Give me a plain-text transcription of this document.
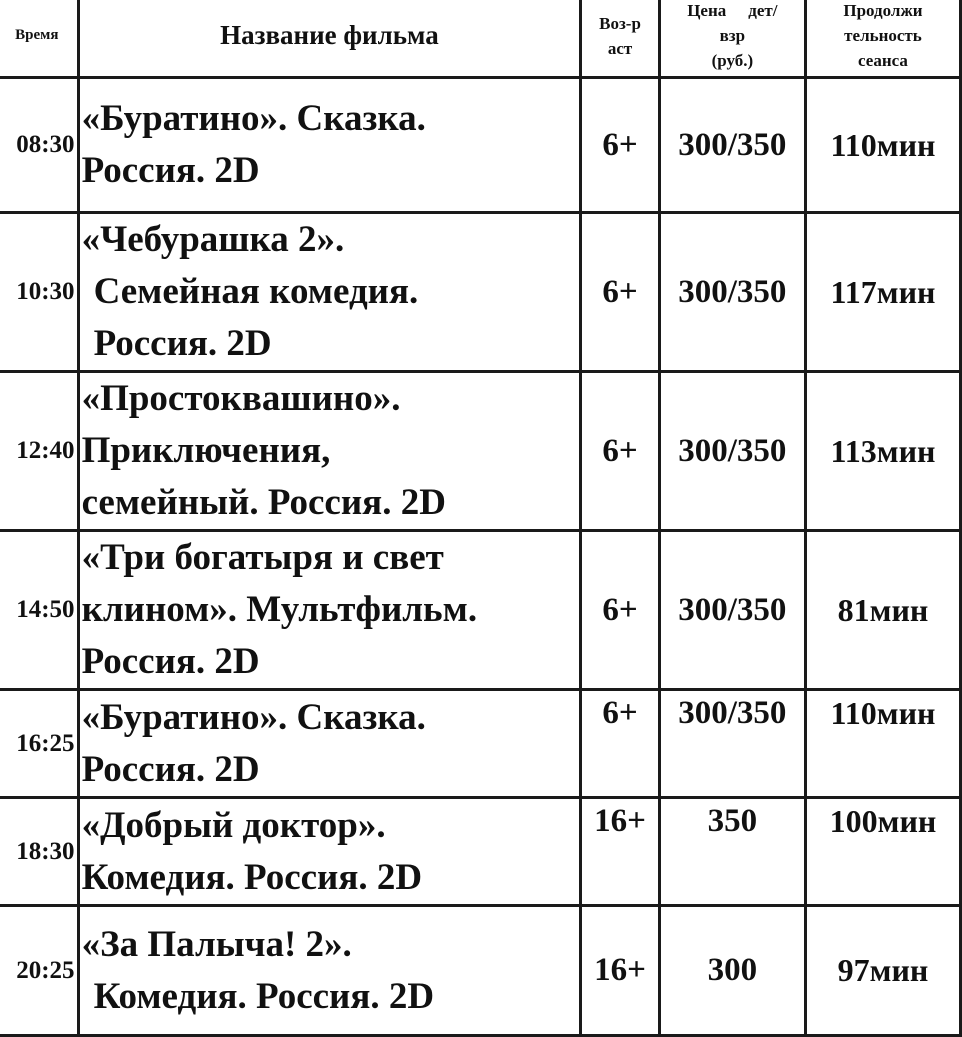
Время	Название фильма	Воз-раст	Цена дет/
взр
(руб.)	Продолжи
тельность
сеанса

08:30	«Буратино». Сказка.
Россия. 2D	6+	300/350	110мин
10:30	«Чебурашка 2».
Семейная комедия.
Россия. 2D	6+	300/350	117мин
12:40	«Простоквашино».
Приключения,
семейный. Россия. 2D	6+	300/350	113мин
14:50	«Три богатыря и свет
клином». Мультфильм.
Россия. 2D	6+	300/350	81мин
16:25	«Буратино». Сказка.
Россия. 2D	6+	300/350	110мин
18:30	«Добрый доктор».
Комедия. Россия. 2D	16+	350	100мин
20:25	«За Палыча! 2».
Комедия. Россия. 2D	16+	300	97мин
